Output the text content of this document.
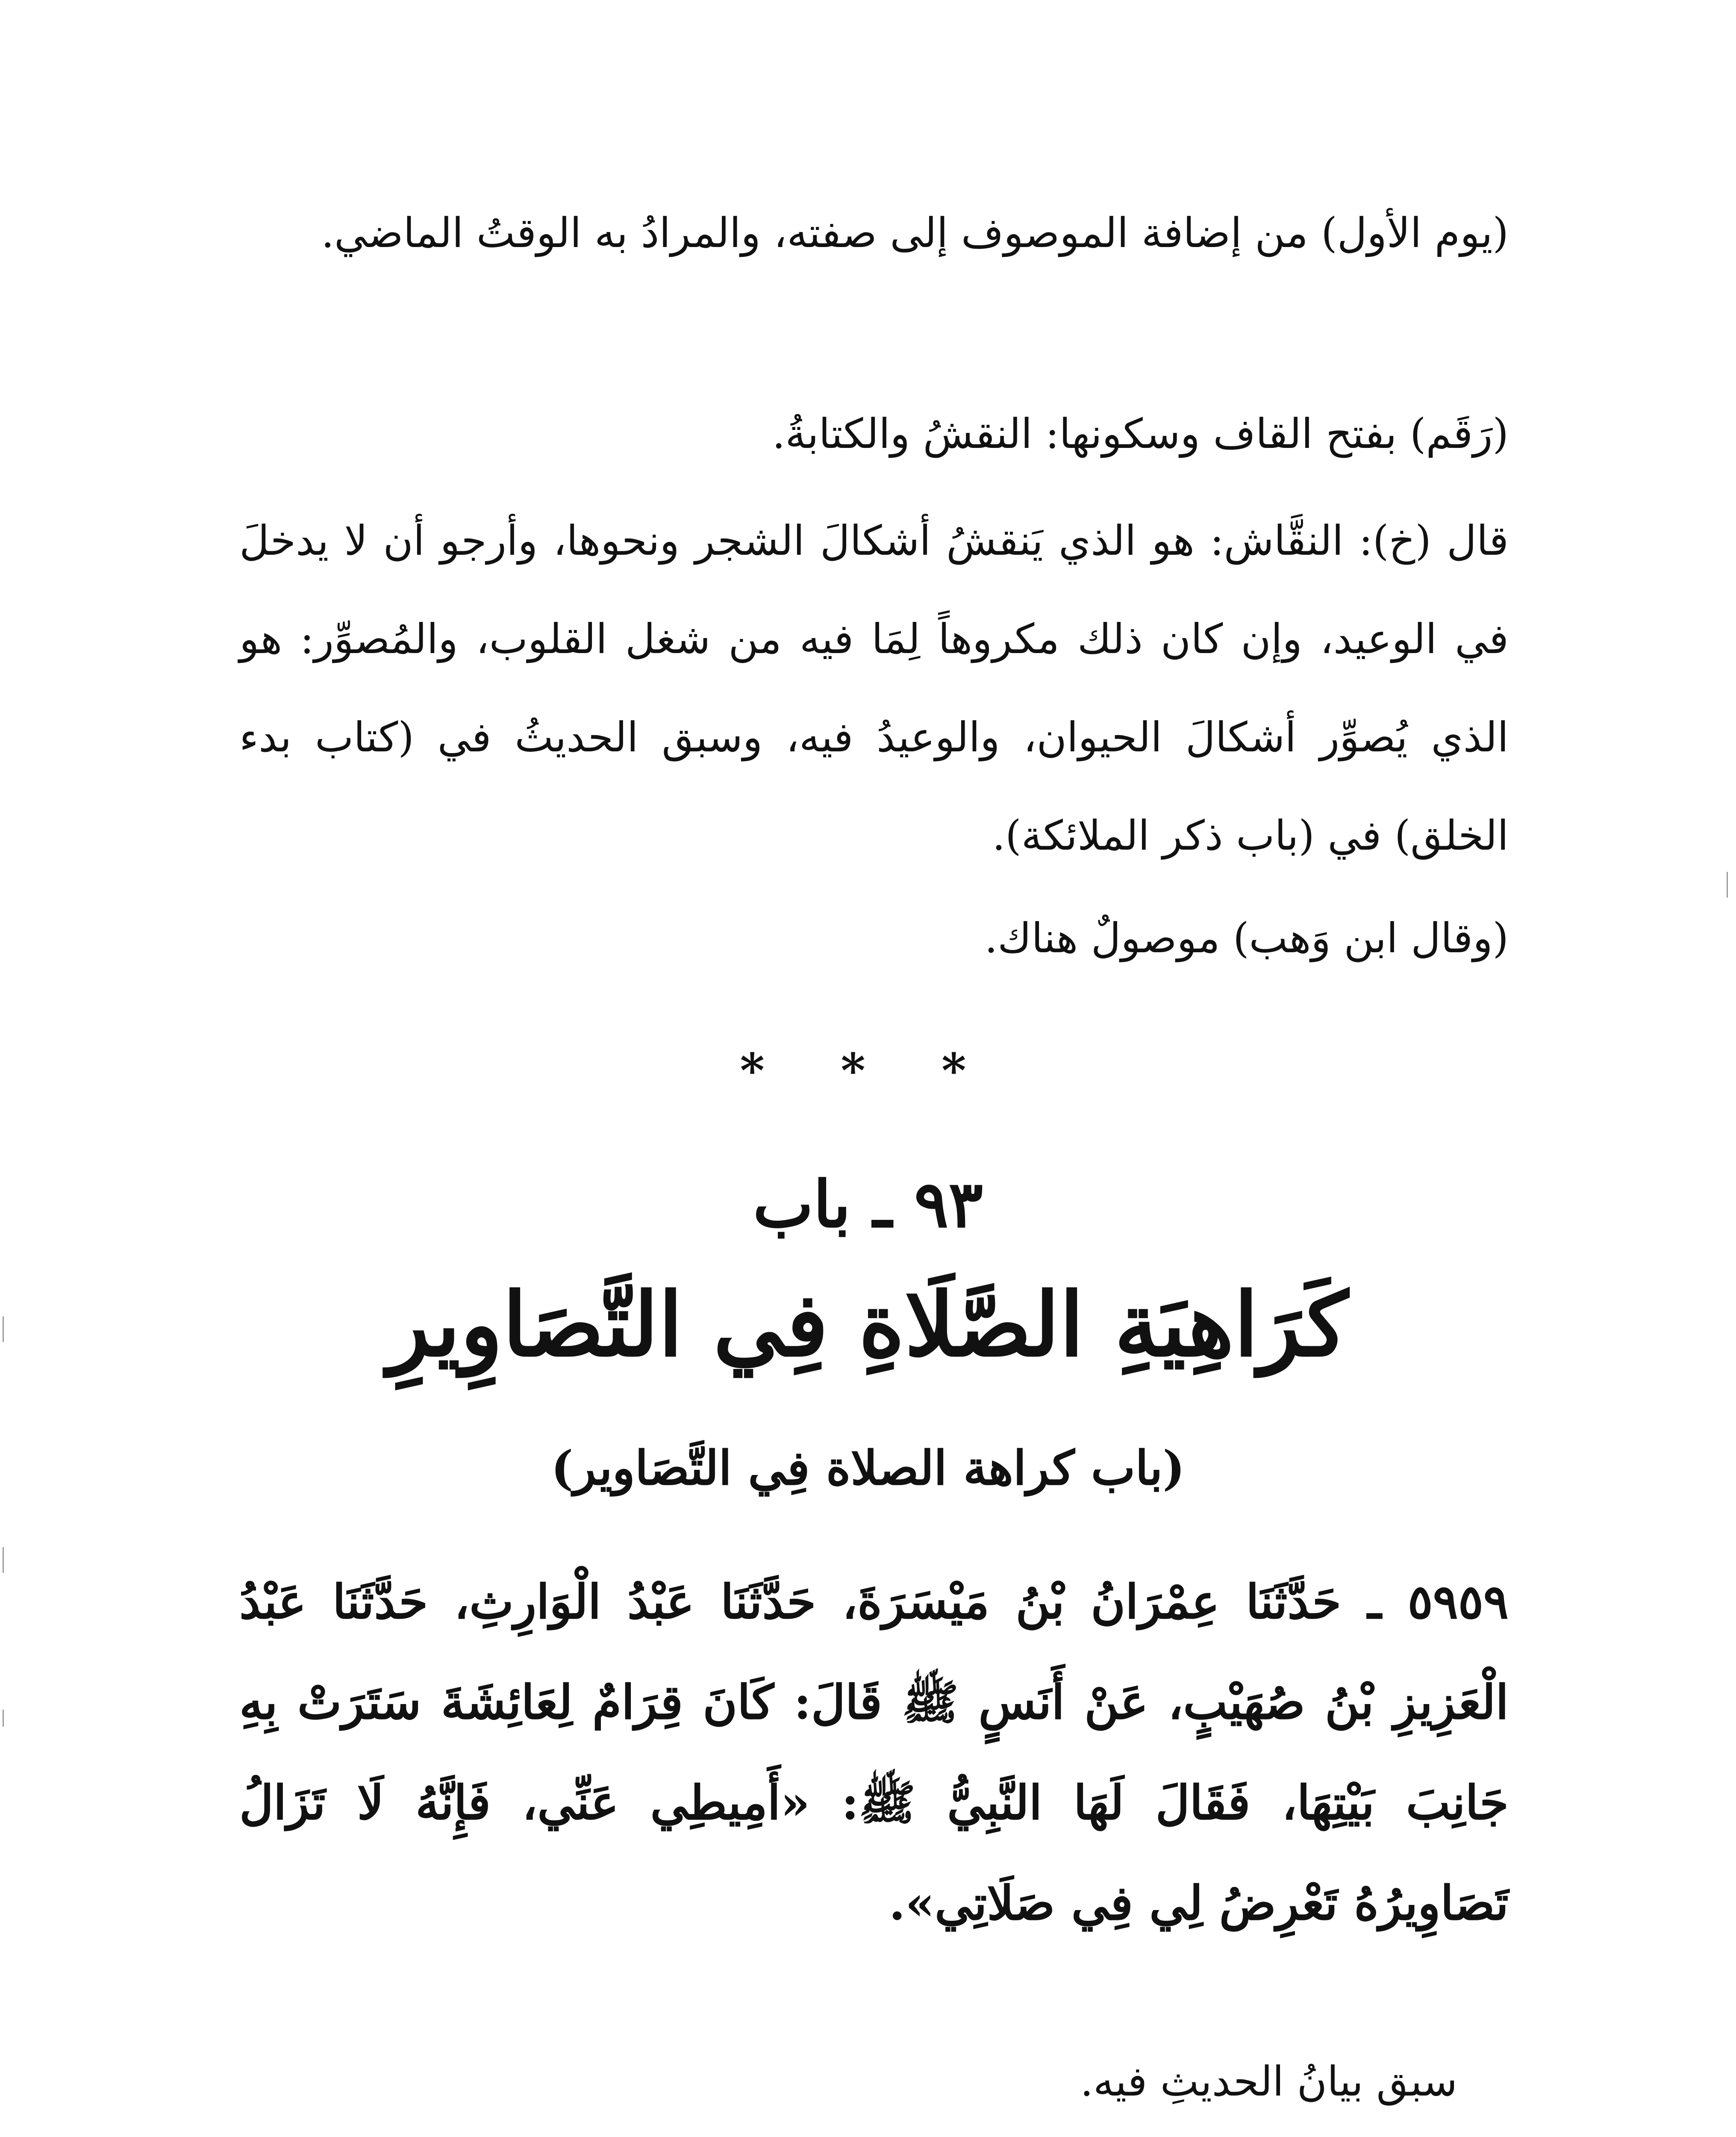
(يوم الأول) من إضافة الموصوف إلى صفته، والمرادُ به الوقتُ الماضي.
(رَقَم) بفتح القاف وسكونها: النقشُ والكتابةُ.
قال (خ): النقَّاش: هو الذي يَنقشُ أشكالَ الشجر ونحوها، وأرجو أن لا يدخلَ في الوعيد، وإن كان ذلك مكروهاً لِمَا فيه من شغل القلوب، والمُصوِّر: هو الذي يُصوِّر أشكالَ الحيوان، والوعيدُ فيه، وسبق الحديثُ في (كتاب بدء الخلق) في (باب ذكر الملائكة).
(وقال ابن وَهب) موصولٌ هناك.
* * *
٩٣ ـ باب
كَرَاهِيَةِ الصَّلَاةِ فِي التَّصَاوِيرِ
(باب كراهة الصلاة فِي التَّصَاوير)
٥٩٥٩ ـ حَدَّثَنَا عِمْرَانُ بْنُ مَيْسَرَةَ، حَدَّثَنَا عَبْدُ الْوَارِثِ، حَدَّثَنَا عَبْدُ الْعَزِيزِ بْنُ صُهَيْبٍ، عَنْ أَنَسٍ ﷺ قَالَ: كَانَ قِرَامٌ لِعَائِشَةَ سَتَرَتْ بِهِ جَانِبَ بَيْتِهَا، فَقَالَ لَهَا النَّبِيُّ ﷺ: «أَمِيطِي عَنِّي، فَإِنَّهُ لَا تَزَالُ تَصَاوِيرُهُ تَعْرِضُ لِي فِي صَلَاتِي».
سبق بيانُ الحديثِ فيه.
